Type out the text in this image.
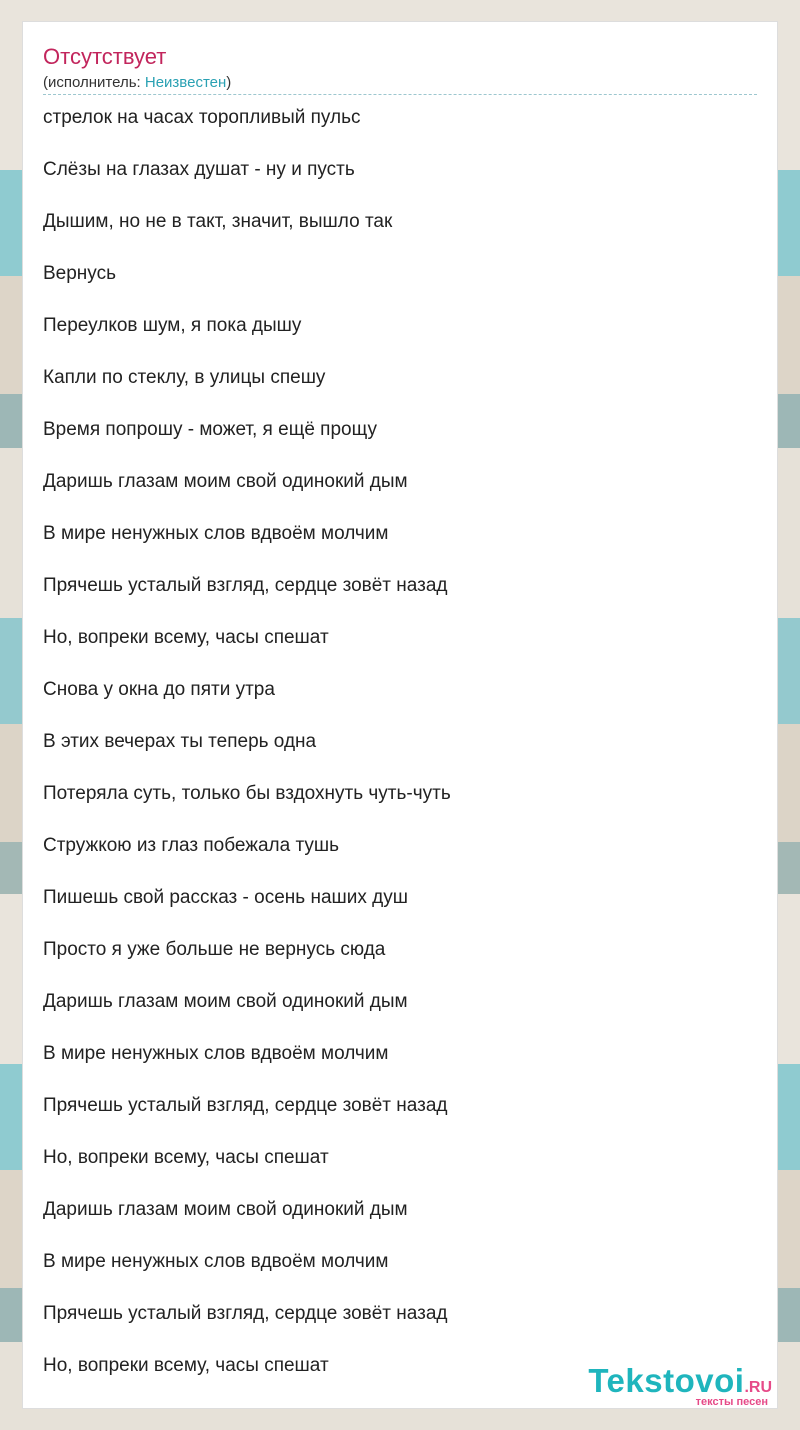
Отсутствует
(исполнитель: Неизвестен)
стрелок на часах торопливый пульс
Слёзы на глазах душат - ну и пусть
Дышим, но не в такт, значит, вышло так
Вернусь
Переулков шум, я пока дышу
Капли по стеклу, в улицы спешу
Время попрошу - может, я ещё прощу
Даришь глазам моим свой одинокий дым
В мире ненужных слов вдвоём молчим
Прячешь усталый взгляд, сердце зовёт назад
Но, вопреки всему, часы спешат
Снова у окна до пяти утра
В этих вечерах ты теперь одна
Потеряла суть, только бы вздохнуть чуть-чуть
Стружкою из глаз побежала тушь
Пишешь свой рассказ - осень наших душ
Просто я уже больше не вернусь сюда
Даришь глазам моим свой одинокий дым
В мире ненужных слов вдвоём молчим
Прячешь усталый взгляд, сердце зовёт назад
Но, вопреки всему, часы спешат
Даришь глазам моим свой одинокий дым
В мире ненужных слов вдвоём молчим
Прячешь усталый взгляд, сердце зовёт назад
Но, вопреки всему, часы спешат	Tekstovoi.RU
тексты песен
